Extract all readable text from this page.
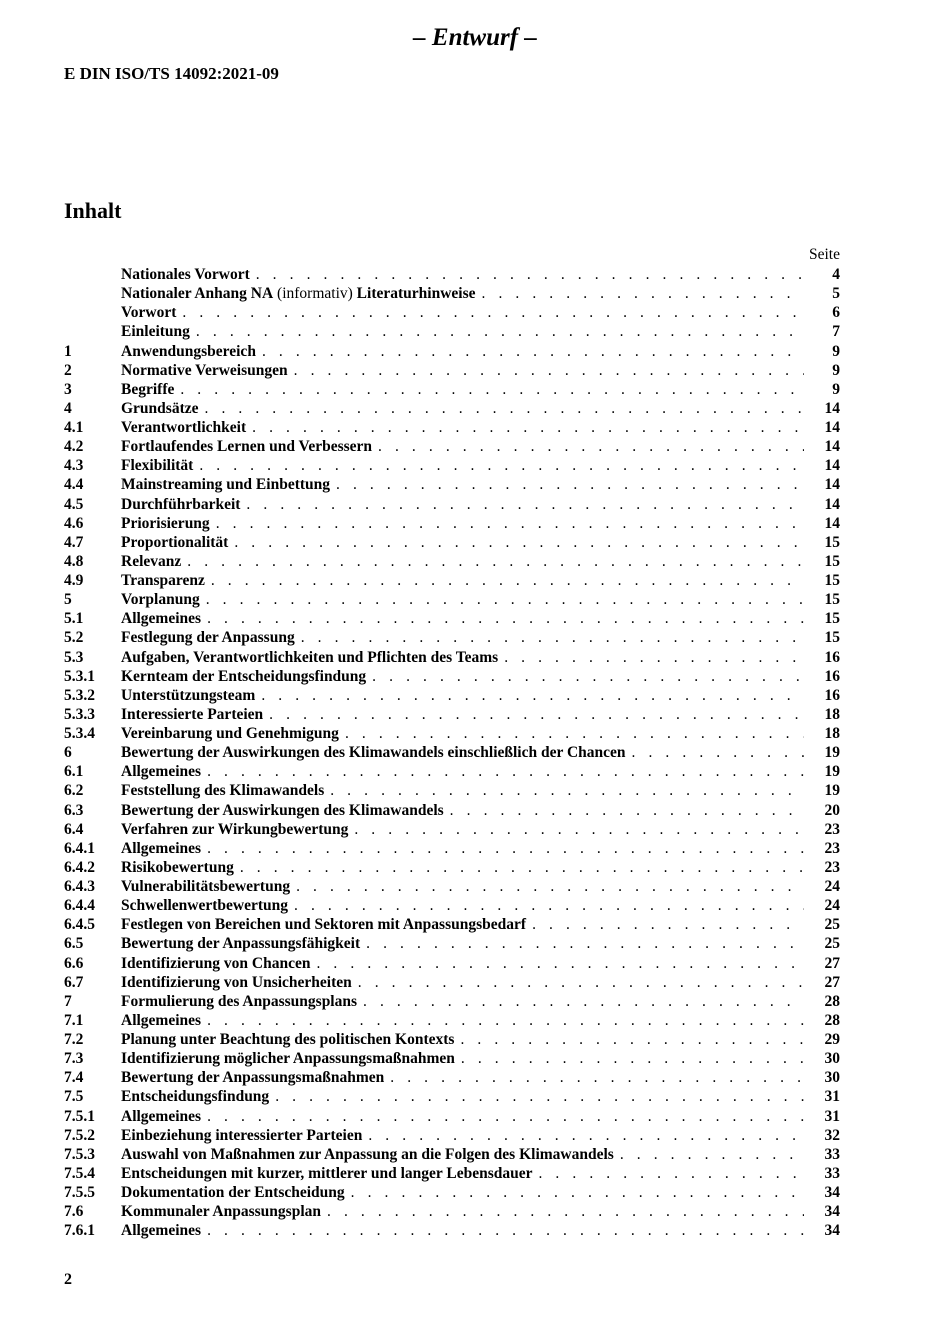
– Entwurf –
E DIN ISO/TS 14092:2021-09
Inhalt
Seite
Nationales Vorwort . . .	4
Nationaler Anhang NA (informativ) Literaturhinweise . . .	5
Vorwort . . .	6
Einleitung . . .	7
1	Anwendungsbereich . . .	9
2	Normative Verweisungen . . .	9
3	Begriffe . . .	9
4	Grundsätze . . .	14
4.1	Verantwortlichkeit . . .	14
4.2	Fortlaufendes Lernen und Verbessern . . .	14
4.3	Flexibilität . . .	14
4.4	Mainstreaming und Einbettung . . .	14
4.5	Durchführbarkeit . . .	14
4.6	Priorisierung . . .	14
4.7	Proportionalität . . .	15
4.8	Relevanz . . .	15
4.9	Transparenz . . .	15
5	Vorplanung . . .	15
5.1	Allgemeines . . .	15
5.2	Festlegung der Anpassung . . .	15
5.3	Aufgaben, Verantwortlichkeiten und Pflichten des Teams . . .	16
5.3.1	Kernteam der Entscheidungsfindung . . .	16
5.3.2	Unterstützungsteam . . .	16
5.3.3	Interessierte Parteien . . .	18
5.3.4	Vereinbarung und Genehmigung . . .	18
6	Bewertung der Auswirkungen des Klimawandels einschließlich der Chancen . . .	19
6.1	Allgemeines . . .	19
6.2	Feststellung des Klimawandels . . .	19
6.3	Bewertung der Auswirkungen des Klimawandels . . .	20
6.4	Verfahren zur Wirkungbewertung . . .	23
6.4.1	Allgemeines . . .	23
6.4.2	Risikobewertung . . .	23
6.4.3	Vulnerabilitätsbewertung . . .	24
6.4.4	Schwellenwertbewertung . . .	24
6.4.5	Festlegen von Bereichen und Sektoren mit Anpassungsbedarf . . .	25
6.5	Bewertung der Anpassungsfähigkeit . . .	25
6.6	Identifizierung von Chancen . . .	27
6.7	Identifizierung von Unsicherheiten . . .	27
7	Formulierung des Anpassungsplans . . .	28
7.1	Allgemeines . . .	28
7.2	Planung unter Beachtung des politischen Kontexts . . .	29
7.3	Identifizierung möglicher Anpassungsmaßnahmen . . .	30
7.4	Bewertung der Anpassungsmaßnahmen . . .	30
7.5	Entscheidungsfindung . . .	31
7.5.1	Allgemeines . . .	31
7.5.2	Einbeziehung interessierter Parteien . . .	32
7.5.3	Auswahl von Maßnahmen zur Anpassung an die Folgen des Klimawandels . . .	33
7.5.4	Entscheidungen mit kurzer, mittlerer und langer Lebensdauer . . .	33
7.5.5	Dokumentation der Entscheidung . . .	34
7.6	Kommunaler Anpassungsplan . . .	34
7.6.1	Allgemeines . . .	34
2
